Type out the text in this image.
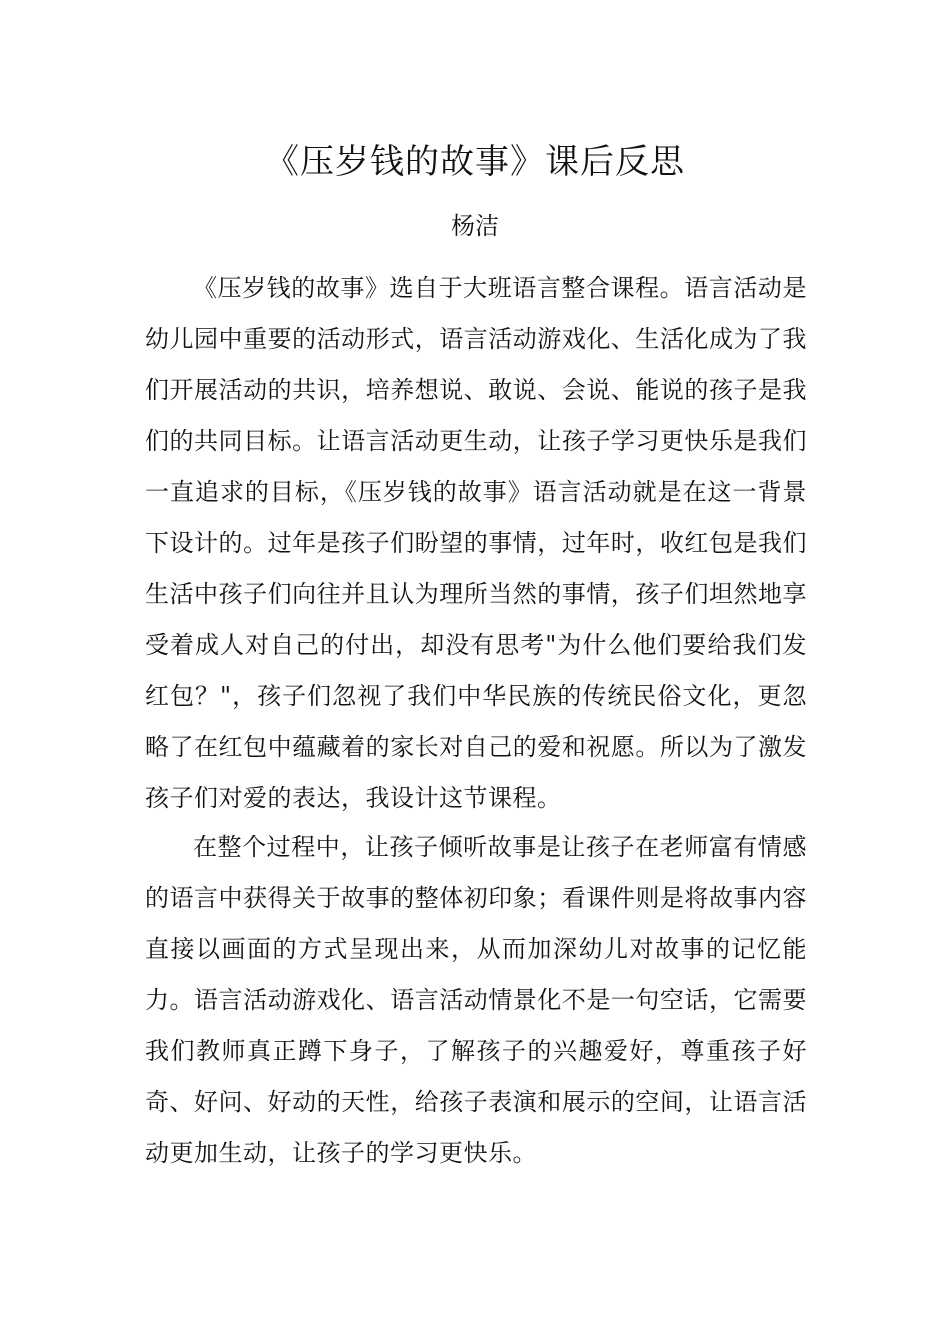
《压岁钱的故事》课后反思
杨洁

《压岁钱的故事》选自于大班语言整合课程。语言活动是幼儿园中重要的活动形式，语言活动游戏化、生活化成为了我们开展活动的共识，培养想说、敢说、会说、能说的孩子是我们的共同目标。让语言活动更生动，让孩子学习更快乐是我们一直追求的目标，《压岁钱的故事》语言活动就是在这一背景下设计的。过年是孩子们盼望的事情，过年时，收红包是我们生活中孩子们向往并且认为理所当然的事情，孩子们坦然地享受着成人对自己的付出，却没有思考"为什么他们要给我们发红包？"，孩子们忽视了我们中华民族的传统民俗文化，更忽略了在红包中蕴藏着的家长对自己的爱和祝愿。所以为了激发孩子们对爱的表达，我设计这节课程。

在整个过程中，让孩子倾听故事是让孩子在老师富有情感的语言中获得关于故事的整体初印象；看课件则是将故事内容直接以画面的方式呈现出来，从而加深幼儿对故事的记忆能力。语言活动游戏化、语言活动情景化不是一句空话，它需要我们教师真正蹲下身子，了解孩子的兴趣爱好，尊重孩子好奇、好问、好动的天性，给孩子表演和展示的空间，让语言活动更加生动，让孩子的学习更快乐。
